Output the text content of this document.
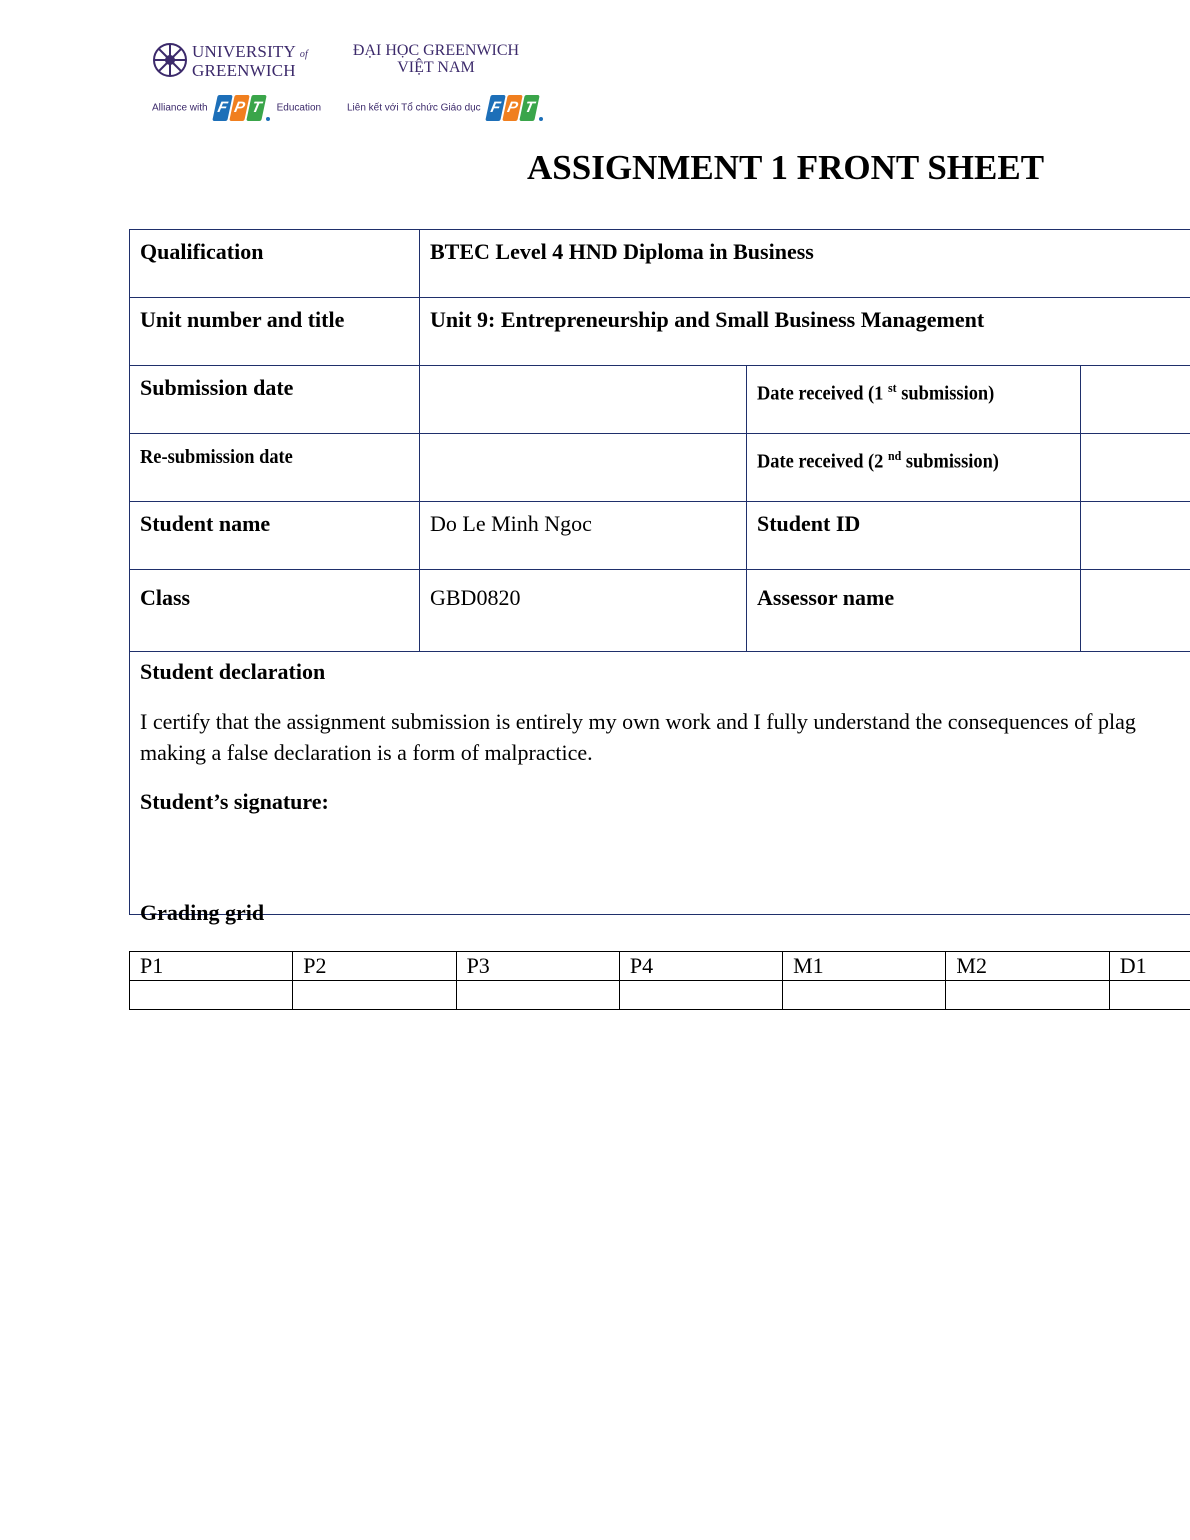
UNIVERSITY of
GREENWICH
Alliance with F P T Education
ĐẠI HỌC GREENWICH
VIỆT NAM
Liên kết với Tổ chức Giáo dục F P T
ASSIGNMENT 1 FRONT SHEET
Qualification	BTEC Level 4 HND Diploma in Business		
Unit number and title	Unit 9: Entrepreneurship and Small Business Management		
Submission date		Date received (1 $^{st}$ submission)	
Re-submission date		Date received (2 $^{nd}$ submission)	
Student name	Do Le Minh Ngoc	Student ID	
Class	GBD0820	Assessor name	

Student declaration

I certify that the assignment submission is entirely my own work and I fully understand the consequences of plag
making a false declaration is a form of malpractice.

Student’s signature:			

Grading grid
P1	P2	P3	P4	M1	M2	D1
